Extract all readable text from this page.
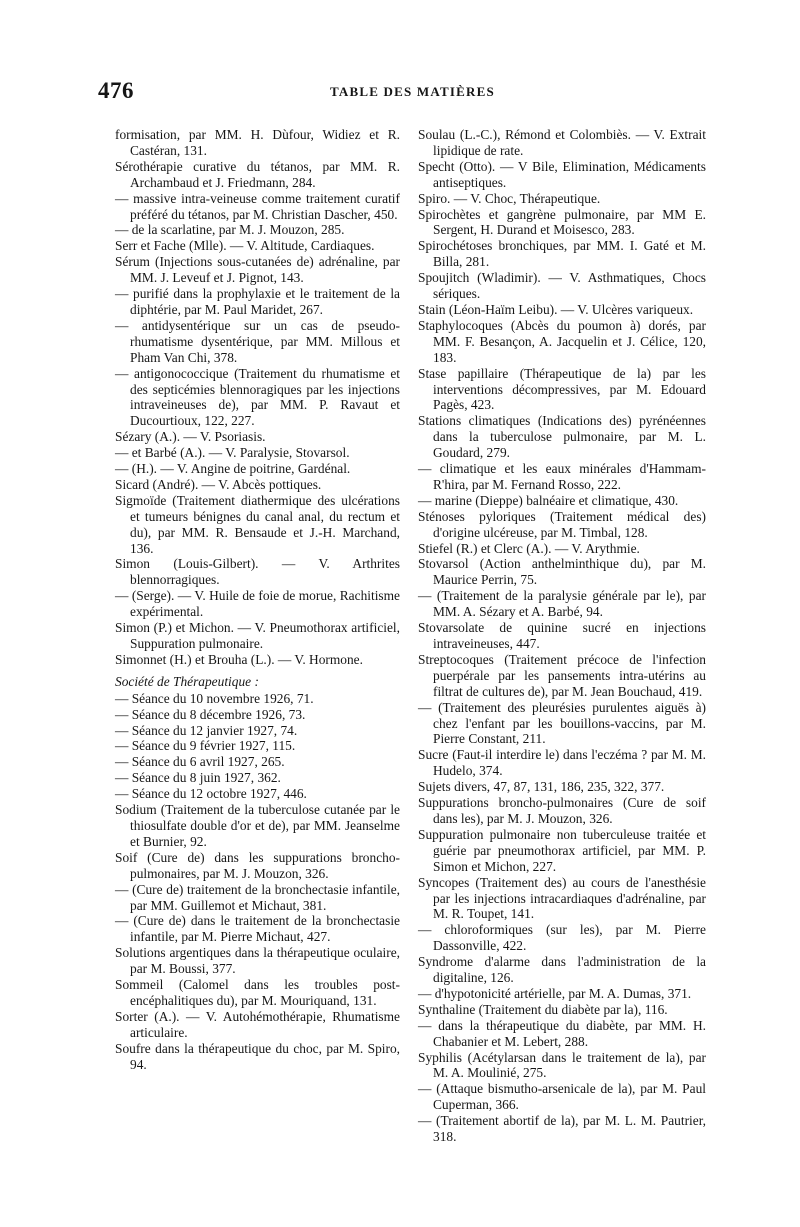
476	TABLE DES MATIÈRES

formisation, par MM. H. Dùfour, Widiez et R. Castéran, 131.

Sérothérapie curative du tétanos, par MM. R. Archambaud et J. Friedmann, 284.

— massive intra-veineuse comme traitement curatif préféré du tétanos, par M. Christian Dascher, 450.

— de la scarlatine, par M. J. Mouzon, 285.

Serr et Fache (Mlle). — V. Altitude, Cardiaques.

Sérum (Injections sous-cutanées de) adrénaline, par MM. J. Leveuf et J. Pignot, 143.

— purifié dans la prophylaxie et le traitement de la diphtérie, par M. Paul Maridet, 267.

— antidysentérique sur un cas de pseudo-rhumatisme dysentérique, par MM. Millous et Pham Van Chi, 378.

— antigonococcique (Traitement du rhumatisme et des septicémies blennoragiques par les injections intraveineuses de), par MM. P. Ravaut et Ducourtioux, 122, 227.

Sézary (A.). — V. Psoriasis.

— et Barbé (A.). — V. Paralysie, Stovarsol.

— (H.). — V. Angine de poitrine, Gardénal.

Sicard (André). — V. Abcès pottiques.

Sigmoïde (Traitement diathermique des ulcérations et tumeurs bénignes du canal anal, du rectum et du), par MM. R. Bensaude et J.-H. Marchand, 136.

Simon (Louis-Gilbert). — V. Arthrites blennorragiques.

— (Serge). — V. Huile de foie de morue, Rachitisme expérimental.

Simon (P.) et Michon. — V. Pneumothorax artificiel, Suppuration pulmonaire.

Simonnet (H.) et Brouha (L.). — V. Hormone.

Société de Thérapeutique :

— Séance du 10 novembre 1926, 71.

— Séance du 8 décembre 1926, 73.

— Séance du 12 janvier 1927, 74.

— Séance du 9 février 1927, 115.

— Séance du 6 avril 1927, 265.

— Séance du 8 juin 1927, 362.

— Séance du 12 octobre 1927, 446.

Sodium (Traitement de la tuberculose cutanée par le thiosulfate double d'or et de), par MM. Jeanselme et Burnier, 92.

Soif (Cure de) dans les suppurations broncho-pulmonaires, par M. J. Mouzon, 326.

— (Cure de) traitement de la bronchectasie infantile, par MM. Guillemot et Michaut, 381.

— (Cure de) dans le traitement de la bronchectasie infantile, par M. Pierre Michaut, 427.

Solutions argentiques dans la thérapeutique oculaire, par M. Boussi, 377.

Sommeil (Calomel dans les troubles post-encéphalitiques du), par M. Mouriquand, 131.

Sorter (A.). — V. Autohémothérapie, Rhumatisme articulaire.

Soufre dans la thérapeutique du choc, par M. Spiro, 94.

Soulau (L.-C.), Rémond et Colombiès. — V. Extrait lipidique de rate.

Specht (Otto). — V Bile, Elimination, Médicaments antiseptiques.

Spiro. — V. Choc, Thérapeutique.

Spirochètes et gangrène pulmonaire, par MM E. Sergent, H. Durand et Moisesco, 283.

Spirochétoses bronchiques, par MM. I. Gaté et M. Billa, 281.

Spoujitch (Wladimir). — V. Asthmatiques, Chocs sériques.

Stain (Léon-Haïm Leibu). — V. Ulcères variqueux.

Staphylocoques (Abcès du poumon à) dorés, par MM. F. Besançon, A. Jacquelin et J. Célice, 120, 183.

Stase papillaire (Thérapeutique de la) par les interventions décompressives, par M. Edouard Pagès, 423.

Stations climatiques (Indications des) pyrénéennes dans la tuberculose pulmonaire, par M. L. Goudard, 279.

— climatique et les eaux minérales d'Hammam-R'hira, par M. Fernand Rosso, 222.

— marine (Dieppe) balnéaire et climatique, 430.

Sténoses pyloriques (Traitement médical des) d'origine ulcéreuse, par M. Timbal, 128.

Stiefel (R.) et Clerc (A.). — V. Arythmie.

Stovarsol (Action anthelminthique du), par M. Maurice Perrin, 75.

— (Traitement de la paralysie générale par le), par MM. A. Sézary et A. Barbé, 94.

Stovarsolate de quinine sucré en injections intraveineuses, 447.

Streptocoques (Traitement précoce de l'infection puerpérale par les pansements intra-utérins au filtrat de cultures de), par M. Jean Bouchaud, 419.

— (Traitement des pleurésies purulentes aiguës à) chez l'enfant par les bouillons-vaccins, par M. Pierre Constant, 211.

Sucre (Faut-il interdire le) dans l'eczéma ? par M. M. Hudelo, 374.

Sujets divers, 47, 87, 131, 186, 235, 322, 377.

Suppurations broncho-pulmonaires (Cure de soif dans les), par M. J. Mouzon, 326.

Suppuration pulmonaire non tuberculeuse traitée et guérie par pneumothorax artificiel, par MM. P. Simon et Michon, 227.

Syncopes (Traitement des) au cours de l'anesthésie par les injections intracardiaques d'adrénaline, par M. R. Toupet, 141.

— chloroformiques (sur les), par M. Pierre Dassonville, 422.

Syndrome d'alarme dans l'administration de la digitaline, 126.

— d'hypotonicité artérielle, par M. A. Dumas, 371.

Synthaline (Traitement du diabète par la), 116.

— dans la thérapeutique du diabète, par MM. H. Chabanier et M. Lebert, 288.

Syphilis (Acétylarsan dans le traitement de la), par M. A. Moulinié, 275.

— (Attaque bismutho-arsenicale de la), par M. Paul Cuperman, 366.

— (Traitement abortif de la), par M. L. M. Pautrier, 318.
